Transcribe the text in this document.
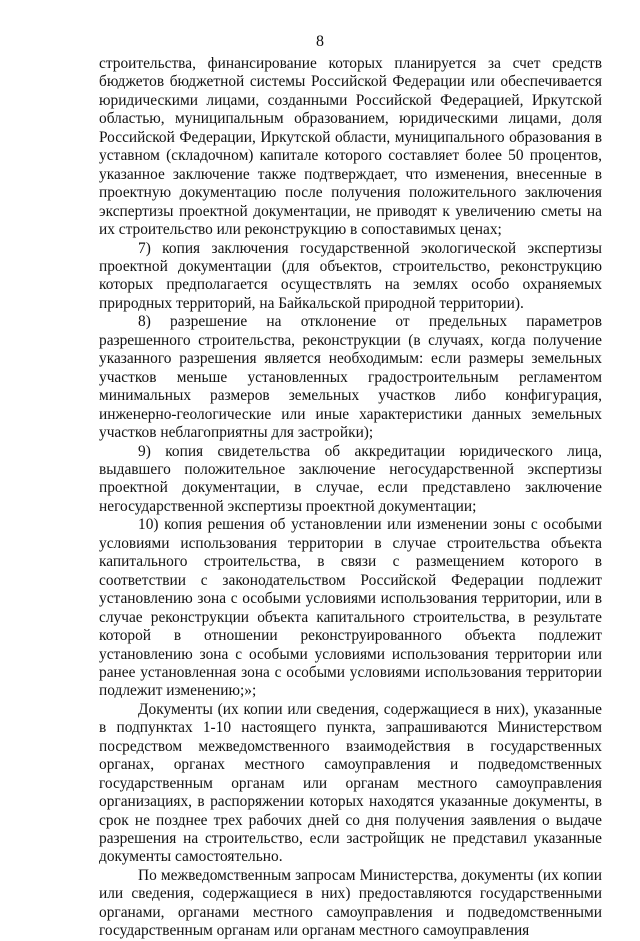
8

строительства, финансирование которых планируется за счет средств бюджетов бюджетной системы Российской Федерации или обеспечивается юридическими лицами, созданными Российской Федерацией, Иркутской областью, муниципальным образованием, юридическими лицами, доля Российской Федерации, Иркутской области, муниципального образования в уставном (складочном) капитале которого составляет более 50 процентов, указанное заключение также подтверждает, что изменения, внесенные в проектную документацию после получения положительного заключения экспертизы проектной документации, не приводят к увеличению сметы на их строительство или реконструкцию в сопоставимых ценах;

7) копия заключения государственной экологической экспертизы проектной документации (для объектов, строительство, реконструкцию которых предполагается осуществлять на землях особо охраняемых природных территорий, на Байкальской природной территории).

8) разрешение на отклонение от предельных параметров разрешенного строительства, реконструкции (в случаях, когда получение указанного разрешения является необходимым: если размеры земельных участков меньше установленных градостроительным регламентом минимальных размеров земельных участков либо конфигурация, инженерно-геологические или иные характеристики данных земельных участков неблагоприятны для застройки);

9) копия свидетельства об аккредитации юридического лица, выдавшего положительное заключение негосударственной экспертизы проектной документации, в случае, если представлено заключение негосударственной экспертизы проектной документации;

10) копия решения об установлении или изменении зоны с особыми условиями использования территории в случае строительства объекта капитального строительства, в связи с размещением которого в соответствии с законодательством Российской Федерации подлежит установлению зона с особыми условиями использования территории, или в случае реконструкции объекта капитального строительства, в результате которой в отношении реконструированного объекта подлежит установлению зона с особыми условиями использования территории или ранее установленная зона с особыми условиями использования территории подлежит изменению;»;

Документы (их копии или сведения, содержащиеся в них), указанные в подпунктах 1-10 настоящего пункта, запрашиваются Министерством посредством межведомственного взаимодействия в государственных органах, органах местного самоуправления и подведомственных государственным органам или органам местного самоуправления организациях, в распоряжении которых находятся указанные документы, в срок не позднее трех рабочих дней со дня получения заявления о выдаче разрешения на строительство, если застройщик не представил указанные документы самостоятельно.

По межведомственным запросам Министерства, документы (их копии или сведения, содержащиеся в них) предоставляются государственными органами, органами местного самоуправления и подведомственными государственным органам или органам местного самоуправления
